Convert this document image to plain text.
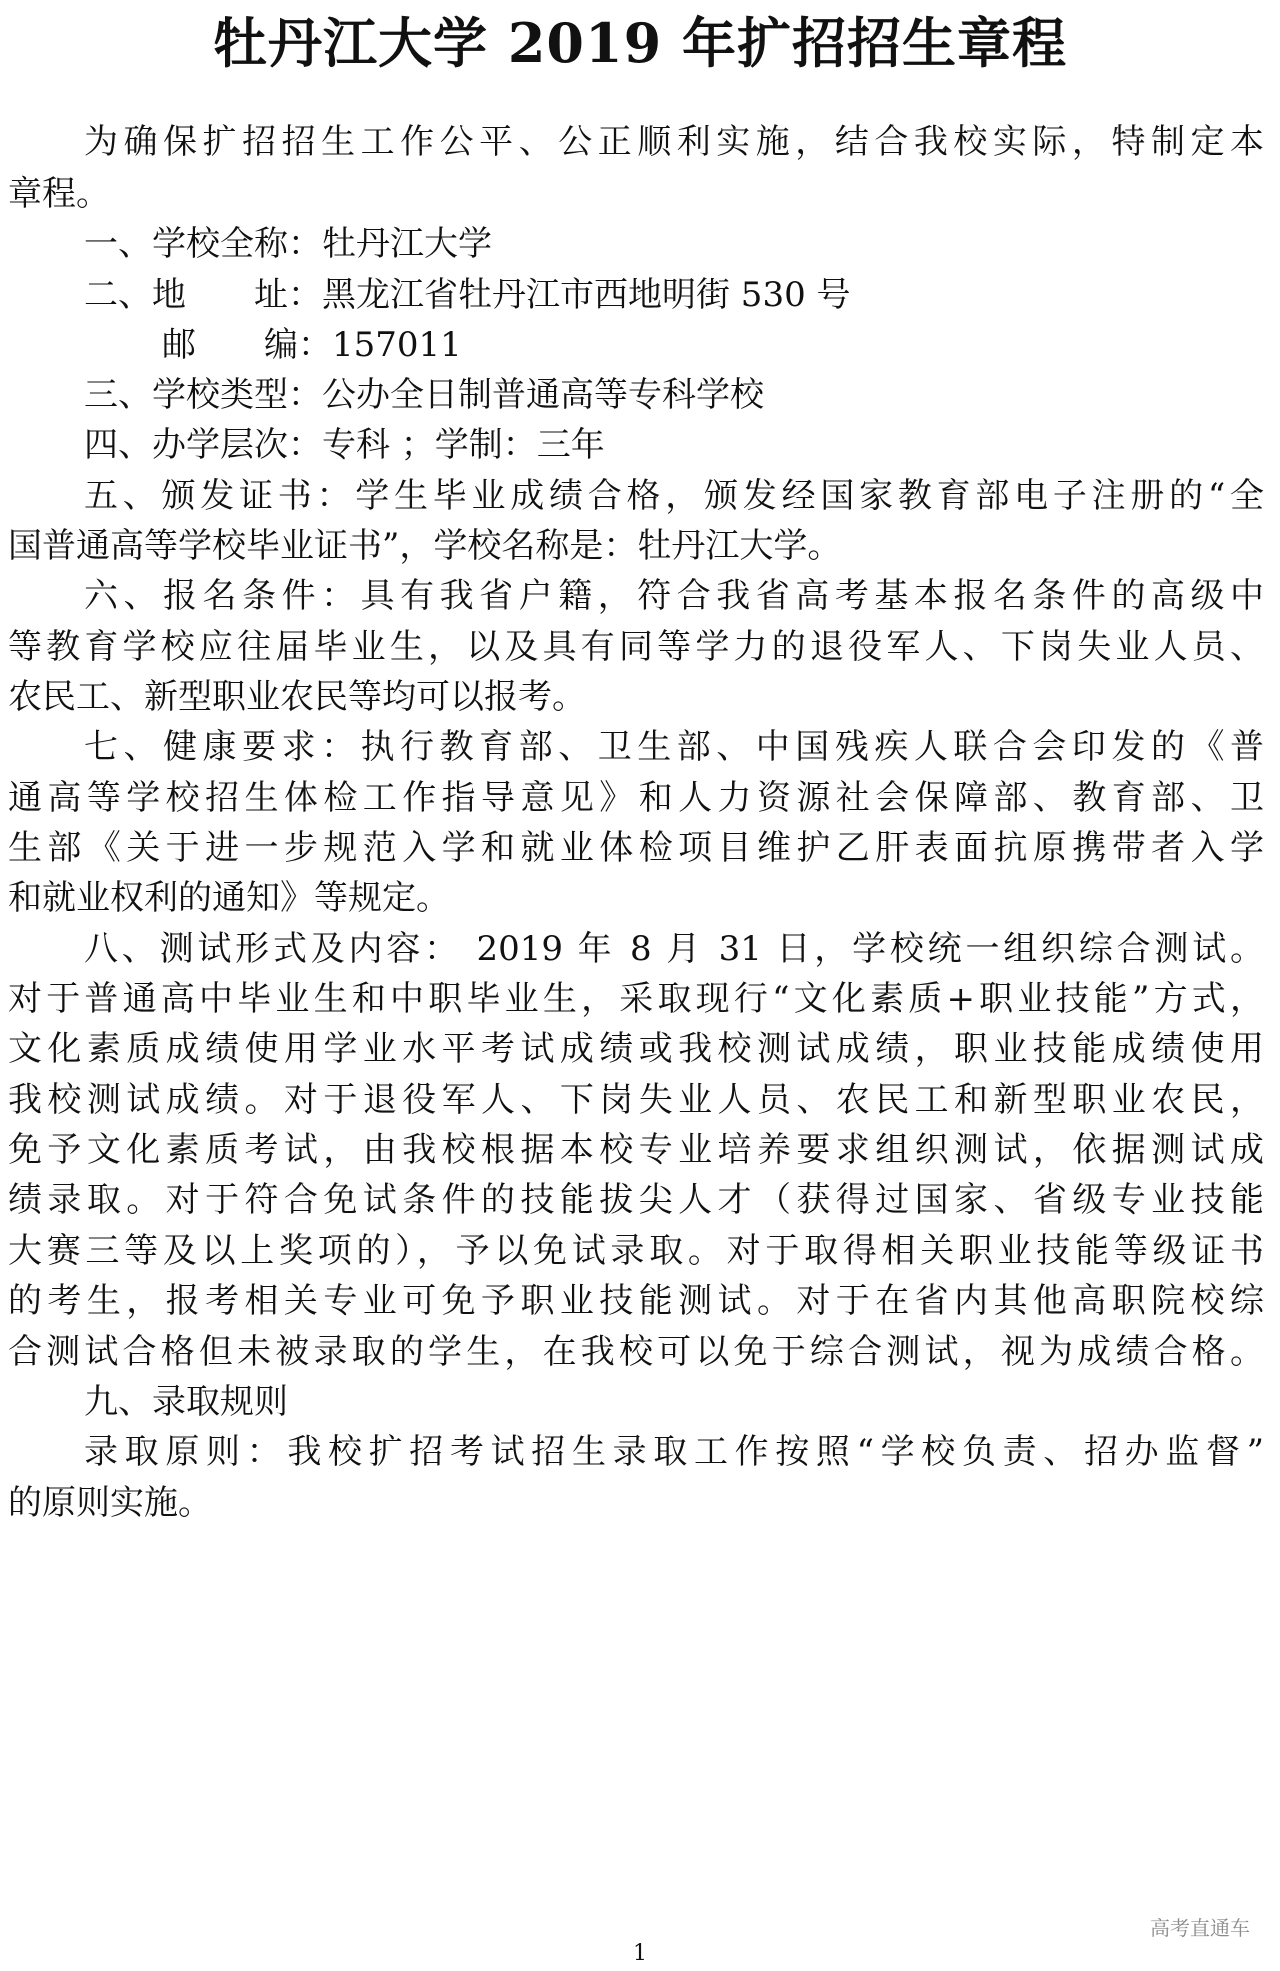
牡丹江大学 2019 年扩招招生章程
为确保扩招招生工作公平、公正顺利实施，结合我校实际，特制定本
章程。
一、学校全称：牡丹江大学
二、地　　址：黑龙江省牡丹江市西地明街 530 号
邮　　编：157011
三、学校类型：公办全日制普通高等专科学校
四、办学层次：专科 ；学制：三年
五、颁发证书：学生毕业成绩合格，颁发经国家教育部电子注册的“全
国普通高等学校毕业证书”，学校名称是：牡丹江大学。
六、报名条件：具有我省户籍，符合我省高考基本报名条件的高级中
等教育学校应往届毕业生，以及具有同等学力的退役军人、下岗失业人员、
农民工、新型职业农民等均可以报考。
七、健康要求：执行教育部、卫生部、中国残疾人联合会印发的《普
通高等学校招生体检工作指导意见》和人力资源社会保障部、教育部、卫
生部《关于进一步规范入学和就业体检项目维护乙肝表面抗原携带者入学
和就业权利的通知》等规定。
八、测试形式及内容： 2019 年 8 月 31 日，学校统一组织综合测试。
对于普通高中毕业生和中职毕业生，采取现行“文化素质+职业技能”方式，
文化素质成绩使用学业水平考试成绩或我校测试成绩，职业技能成绩使用
我校测试成绩。对于退役军人、下岗失业人员、农民工和新型职业农民，
免予文化素质考试，由我校根据本校专业培养要求组织测试，依据测试成
绩录取。对于符合免试条件的技能拔尖人才（获得过国家、省级专业技能
大赛三等及以上奖项的），予以免试录取。对于取得相关职业技能等级证书
的考生，报考相关专业可免予职业技能测试。对于在省内其他高职院校综
合测试合格但未被录取的学生，在我校可以免于综合测试，视为成绩合格。
九、录取规则
录取原则：我校扩招考试招生录取工作按照“学校负责、招办监督”
的原则实施。
高考直通车
1
